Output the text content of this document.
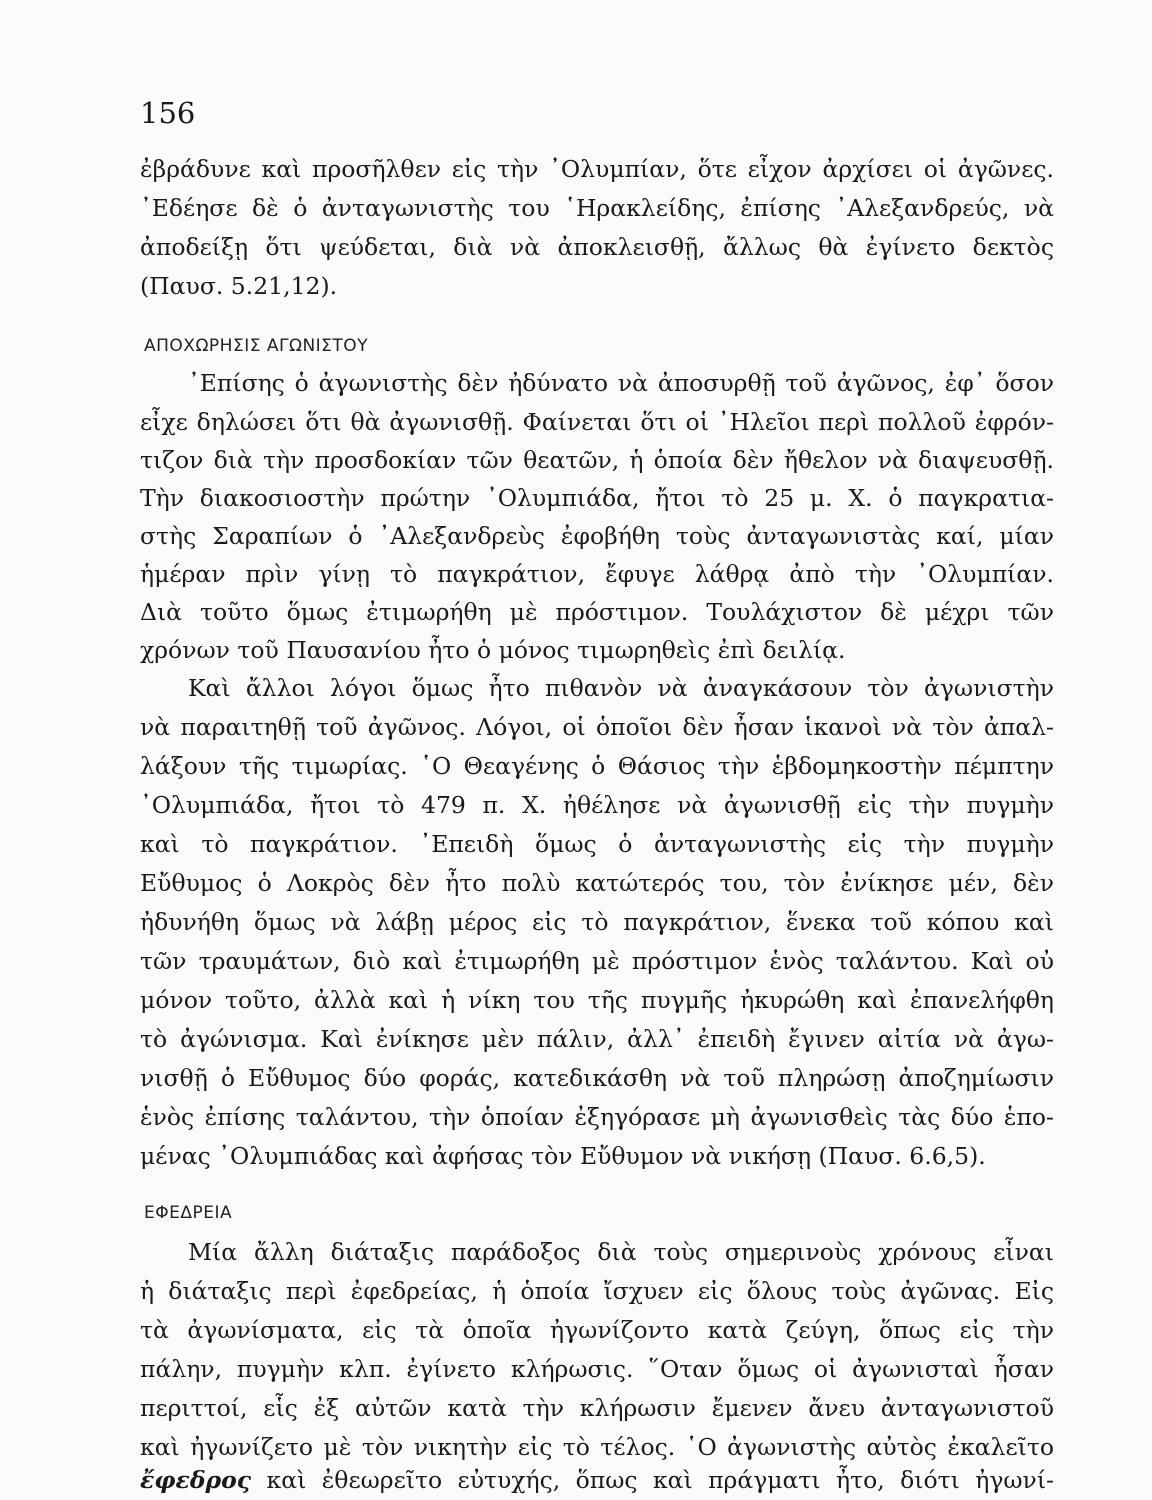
156
ἐβράδυνε καὶ προσῆλθεν εἰς τὴν ᾿Ολυμπίαν, ὅτε εἶχον ἀρχίσει οἱ ἀγῶνες.
᾿Εδέησε δὲ ὁ ἀνταγωνιστὴς του ῾Ηρακλείδης, ἐπίσης ᾿Αλεξανδρεύς, νὰ
ἀποδείξῃ ὅτι ψεύδεται, διὰ νὰ ἀποκλεισθῇ, ἄλλως θὰ ἐγίνετο δεκτὸς
(Παυσ. 5.21,12).
ΑΠΟΧΩΡΗΣΙΣ ΑΓΩΝΙΣΤΟΥ
᾿Επίσης ὁ ἀγωνιστὴς δὲν ἠδύνατο νὰ ἀποσυρθῇ τοῦ ἀγῶνος, ἐφ᾿ ὅσον
εἶχε δηλώσει ὅτι θὰ ἀγωνισθῇ. Φαίνεται ὅτι οἱ ᾿Ηλεῖοι περὶ πολλοῦ ἐφρόν-
τιζον διὰ τὴν προσδοκίαν τῶν θεατῶν, ἡ ὁποία δὲν ἤθελον νὰ διαψευσθῇ.
Τὴν διακοσιοστὴν πρώτην ᾿Ολυμπιάδα, ἤτοι τὸ 25 μ. Χ. ὁ παγκρατια-
στὴς Σαραπίων ὁ ᾿Αλεξανδρεὺς ἐφοβήθη τοὺς ἀνταγωνιστὰς καί, μίαν
ἡμέραν πρὶν γίνῃ τὸ παγκράτιον, ἔφυγε λάθρᾳ ἀπὸ τὴν ᾿Ολυμπίαν.
Διὰ τοῦτο ὅμως ἐτιμωρήθη μὲ πρόστιμον. Τουλάχιστον δὲ μέχρι τῶν
χρόνων τοῦ Παυσανίου ἦτο ὁ μόνος τιμωρηθεὶς ἐπὶ δειλίᾳ.
Καὶ ἄλλοι λόγοι ὅμως ἦτο πιθανὸν νὰ ἀναγκάσουν τὸν ἀγωνιστὴν
νὰ παραιτηθῇ τοῦ ἀγῶνος. Λόγοι, οἱ ὁποῖοι δὲν ἦσαν ἱκανοὶ νὰ τὸν ἀπαλ-
λάξουν τῆς τιμωρίας. ῾Ο Θεαγένης ὁ Θάσιος τὴν ἑβδομηκοστὴν πέμπτην
᾿Ολυμπιάδα, ἤτοι τὸ 479 π. Χ. ἠθέλησε νὰ ἀγωνισθῇ εἰς τὴν πυγμὴν
καὶ τὸ παγκράτιον. ᾿Επειδὴ ὅμως ὁ ἀνταγωνιστὴς εἰς τὴν πυγμὴν
Εὔθυμος ὁ Λοκρὸς δὲν ἦτο πολὺ κατώτερός του, τὸν ἐνίκησε μέν, δὲν
ἠδυνήθη ὅμως νὰ λάβῃ μέρος εἰς τὸ παγκράτιον, ἕνεκα τοῦ κόπου καὶ
τῶν τραυμάτων, διὸ καὶ ἐτιμωρήθη μὲ πρόστιμον ἑνὸς ταλάντου. Καὶ οὐ
μόνον τοῦτο, ἀλλὰ καὶ ἡ νίκη του τῆς πυγμῆς ἠκυρώθη καὶ ἐπανελήφθη
τὸ ἀγώνισμα. Καὶ ἐνίκησε μὲν πάλιν, ἀλλ᾿ ἐπειδὴ ἔγινεν αἰτία νὰ ἀγω-
νισθῇ ὁ Εὔθυμος δύο φοράς, κατεδικάσθη νὰ τοῦ πληρώσῃ ἀποζημίωσιν
ἑνὸς ἐπίσης ταλάντου, τὴν ὁποίαν ἐξηγόρασε μὴ ἀγωνισθεὶς τὰς δύο ἑπο-
μένας ᾿Ολυμπιάδας καὶ ἀφήσας τὸν Εὔθυμον νὰ νικήσῃ (Παυσ. 6.6,5).
ΕΦΕΔΡΕΙΑ
Μία ἄλλη διάταξις παράδοξος διὰ τοὺς σημερινοὺς χρόνους εἶναι
ἡ διάταξις περὶ ἐφεδρείας, ἡ ὁποία ἴσχυεν εἰς ὅλους τοὺς ἀγῶνας. Εἰς
τὰ ἀγωνίσματα, εἰς τὰ ὁποῖα ἠγωνίζοντο κατὰ ζεύγη, ὅπως εἰς τὴν
πάλην, πυγμὴν κλπ. ἐγίνετο κλήρωσις. ῞Οταν ὅμως οἱ ἀγωνισταὶ ἦσαν
περιττοί, εἷς ἐξ αὐτῶν κατὰ τὴν κλήρωσιν ἔμενεν ἄνευ ἀνταγωνιστοῦ
καὶ ἠγωνίζετο μὲ τὸν νικητὴν εἰς τὸ τέλος. ῾Ο ἀγωνιστὴς αὐτὸς ἐκαλεῖτο
ἔφεδρος καὶ ἐθεωρεῖτο εὐτυχής, ὅπως καὶ πράγματι ἦτο, διότι ἠγωνί-
